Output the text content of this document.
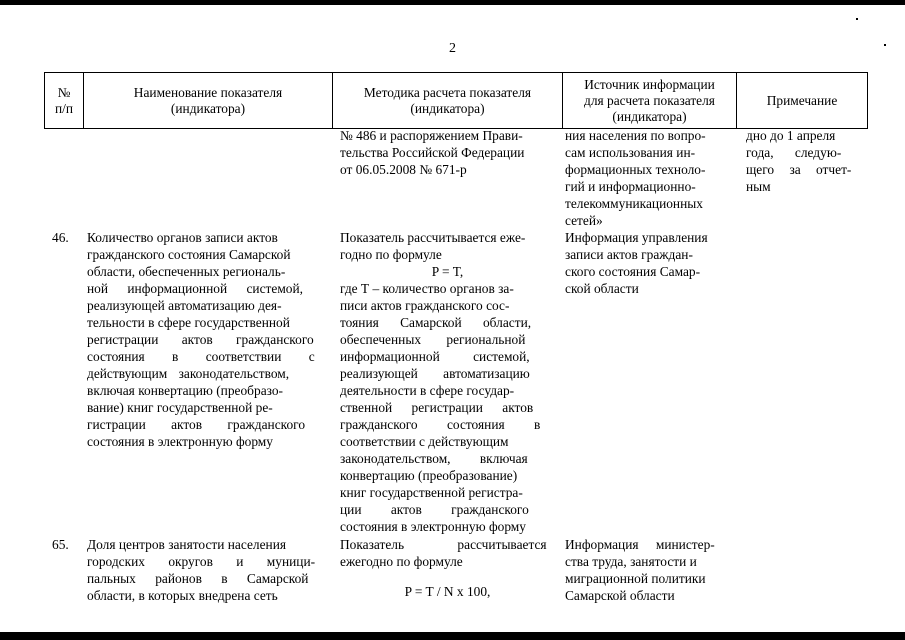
2
№
п/п
Наименование показателя
(индикатора)
Методика расчета показателя
(индикатора)
Источник информации
для расчета показателя
(индикатора)
Примечание
№ 486 и распоряжением Прави-
тельства Российской Федерации
от 06.05.2008 № 671-р
ния населения по вопро-
сам использования ин-
формационных техноло-
гий и информационно-
телекоммуникационных
сетей»
дно до 1 апреля
года, следую-
щего за отчет-
ным
46.	Количество органов записи актов
гражданского состояния Самарской
области, обеспеченных региональ-
ной информационной системой,
реализующей автоматизацию дея-
тельности в сфере государственной
регистрации актов гражданского
состояния в соответствии с
действующим законодательством,
включая конвертацию (преобразо-
вание) книг государственной ре-
гистрации актов гражданского
состояния в электронную форму
Показатель рассчитывается еже-
годно по формуле
P = T,
где Т – количество органов за-
писи актов гражданского сос-
тояния Самарской области,
обеспеченных региональной
информационной системой,
реализующей автоматизацию
деятельности в сфере государ-
ственной регистрации актов
гражданского состояния в
соответствии с действующим
законодательством, включая
конвертацию (преобразование)
книг государственной регистра-
ции актов гражданского
состояния в электронную форму
Информация управления
записи актов граждан-
ского состояния Самар-
ской области
65.	Доля центров занятости населения
городских округов и муници-
пальных районов в Самарской
области, в которых внедрена сеть
Показатель рассчитывается
ежегодно по формуле
P = T / N x 100,
Информация министер-
ства труда, занятости и
миграционной политики
Самарской области
